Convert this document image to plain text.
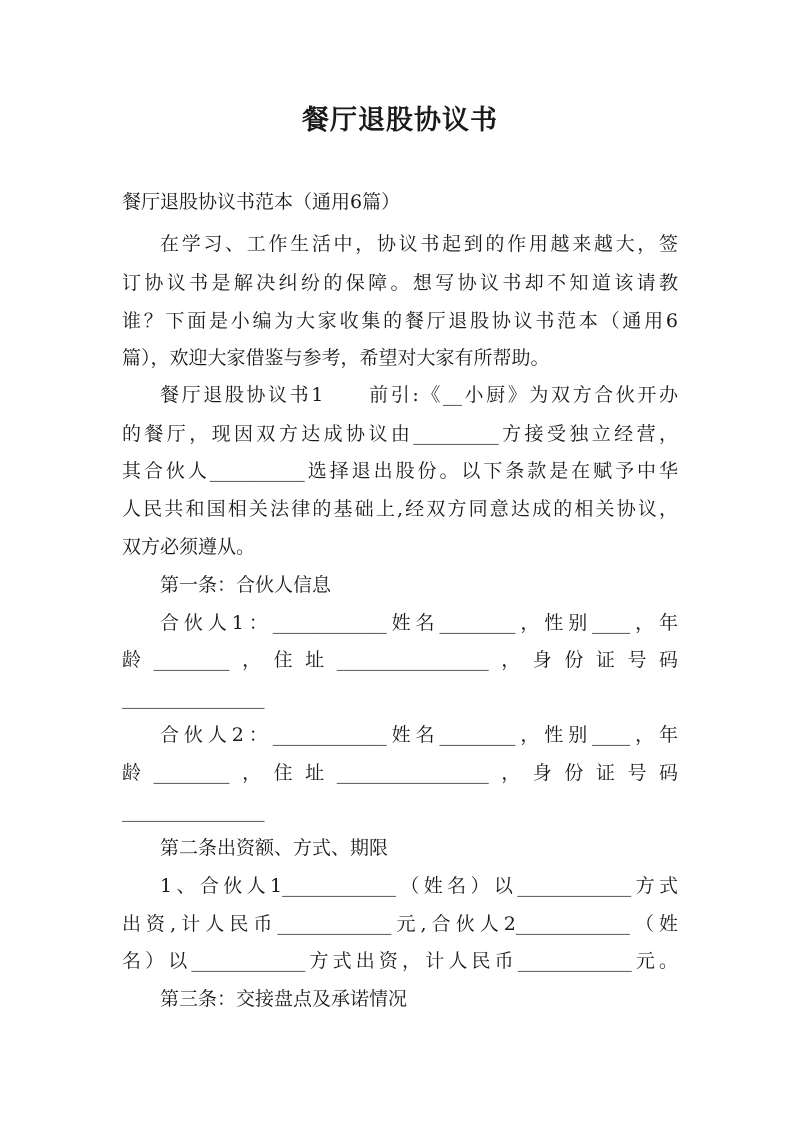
餐厅退股协议书
餐厅退股协议书范本（通用6篇）
在学习、工作生活中，协议书起到的作用越来越大，签
订协议书是解决纠纷的保障。想写协议书却不知道该请教
谁？下面是小编为大家收集的餐厅退股协议书范本（通用6
篇），欢迎大家借鉴与参考，希望对大家有所帮助。
餐厅退股协议书1　　前引:《__小厨》为双方合伙开办
的餐厅，现因双方达成协议由_________方接受独立经营，
其合伙人__________选择退出股份。以下条款是在赋予中华
人民共和国相关法律的基础上,经双方同意达成的相关协议，
双方必须遵从。
第一条：合伙人信息
合伙人1：____________姓名________，性别____，年
龄________，住址________________，身份证号码
_______________
合伙人2：____________姓名________，性别____，年
龄________，住址________________，身份证号码
_______________
第二条出资额、方式、期限
1、合伙人1____________（姓名）以____________方式
出资,计人民币____________元,合伙人2____________（姓
名）以____________方式出资，计人民币____________元。
第三条：交接盘点及承诺情况
